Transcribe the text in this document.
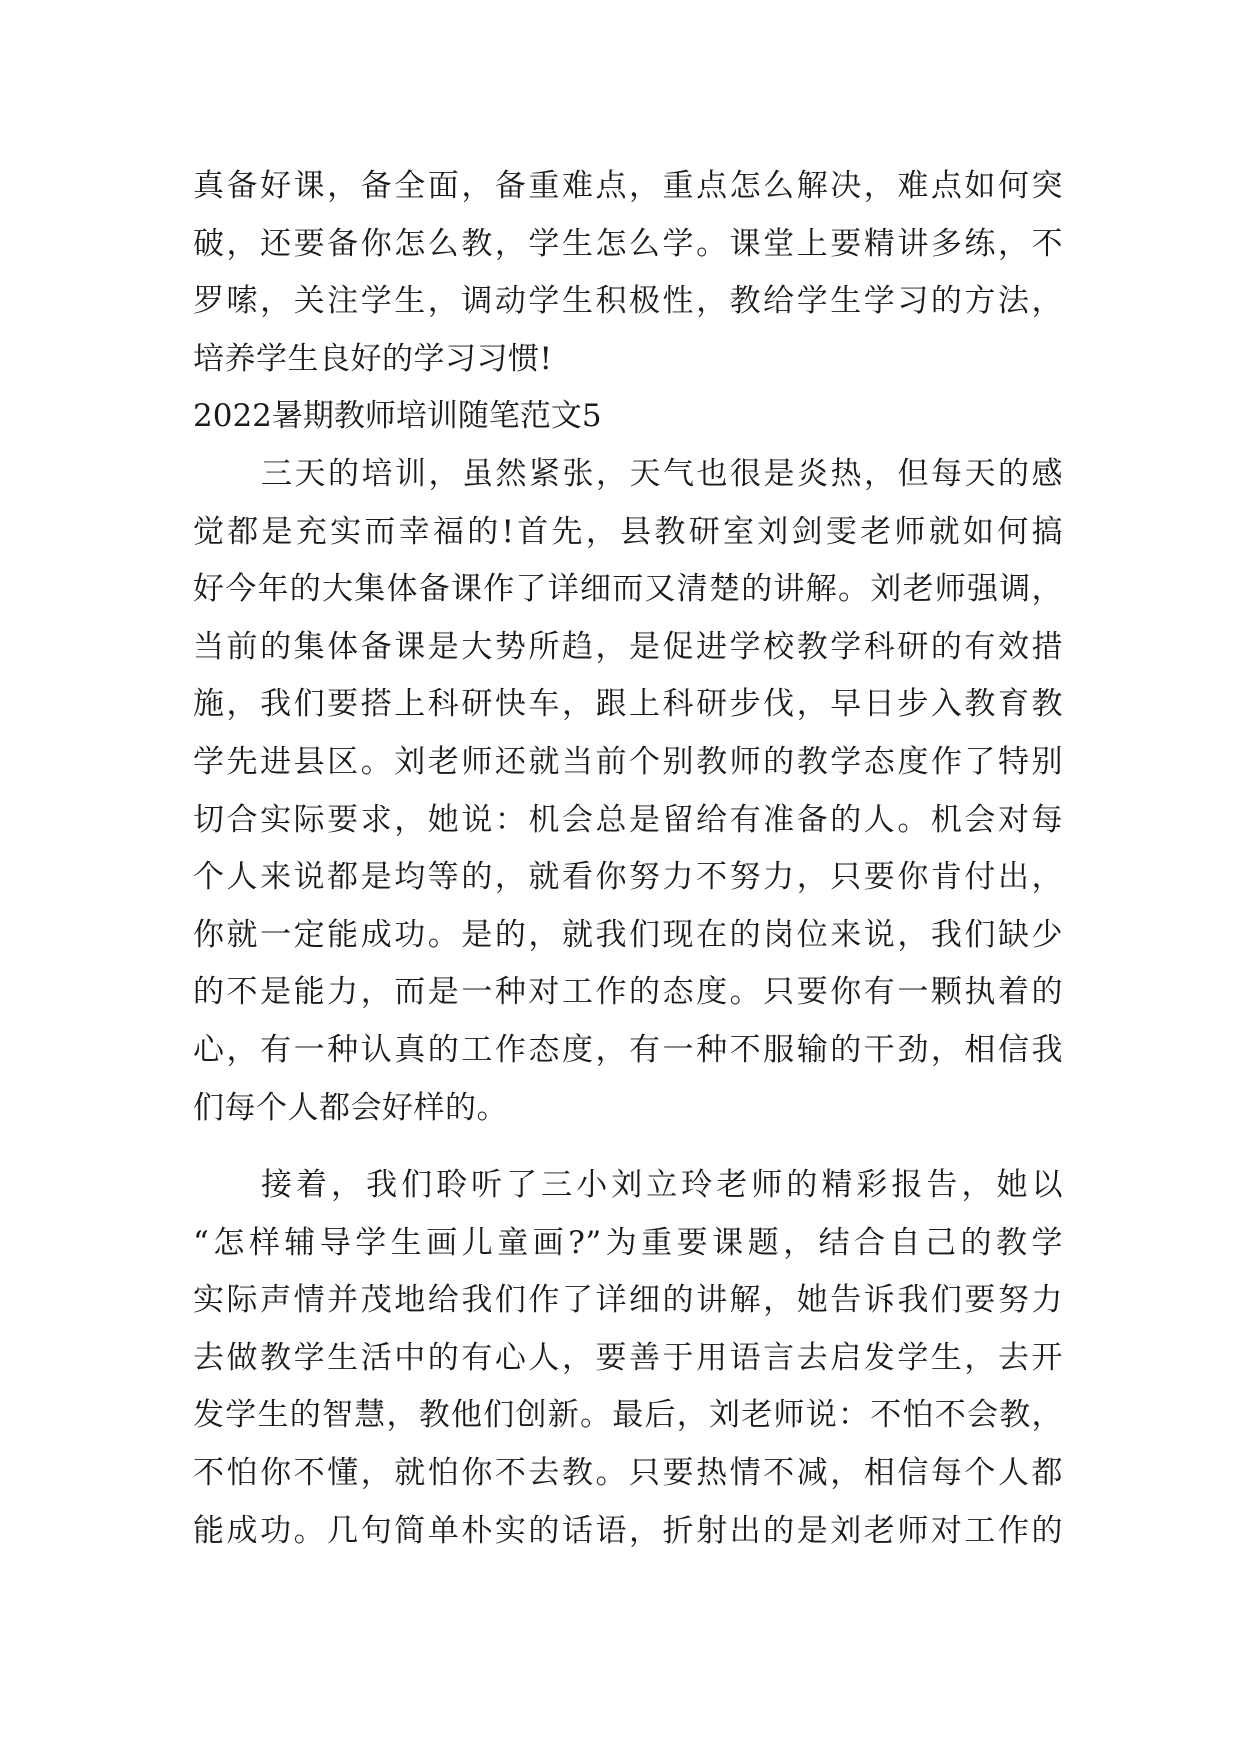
真备好课，备全面，备重难点，重点怎么解决，难点如何突
破，还要备你怎么教，学生怎么学。课堂上要精讲多练，不
罗嗦，关注学生，调动学生积极性，教给学生学习的方法，
培养学生良好的学习习惯!
2022暑期教师培训随笔范文5
三天的培训，虽然紧张，天气也很是炎热，但每天的感
觉都是充实而幸福的!首先，县教研室刘剑雯老师就如何搞
好今年的大集体备课作了详细而又清楚的讲解。刘老师强调，
当前的集体备课是大势所趋，是促进学校教学科研的有效措
施，我们要搭上科研快车，跟上科研步伐，早日步入教育教
学先进县区。刘老师还就当前个别教师的教学态度作了特别
切合实际要求，她说：机会总是留给有准备的人。机会对每
个人来说都是均等的，就看你努力不努力，只要你肯付出，
你就一定能成功。是的，就我们现在的岗位来说，我们缺少
的不是能力，而是一种对工作的态度。只要你有一颗执着的
心，有一种认真的工作态度，有一种不服输的干劲，相信我
们每个人都会好样的。
接着，我们聆听了三小刘立玲老师的精彩报告，她以
“怎样辅导学生画儿童画?”为重要课题，结合自己的教学
实际声情并茂地给我们作了详细的讲解，她告诉我们要努力
去做教学生活中的有心人，要善于用语言去启发学生，去开
发学生的智慧，教他们创新。最后，刘老师说：不怕不会教，
不怕你不懂，就怕你不去教。只要热情不减，相信每个人都
能成功。几句简单朴实的话语，折射出的是刘老师对工作的
